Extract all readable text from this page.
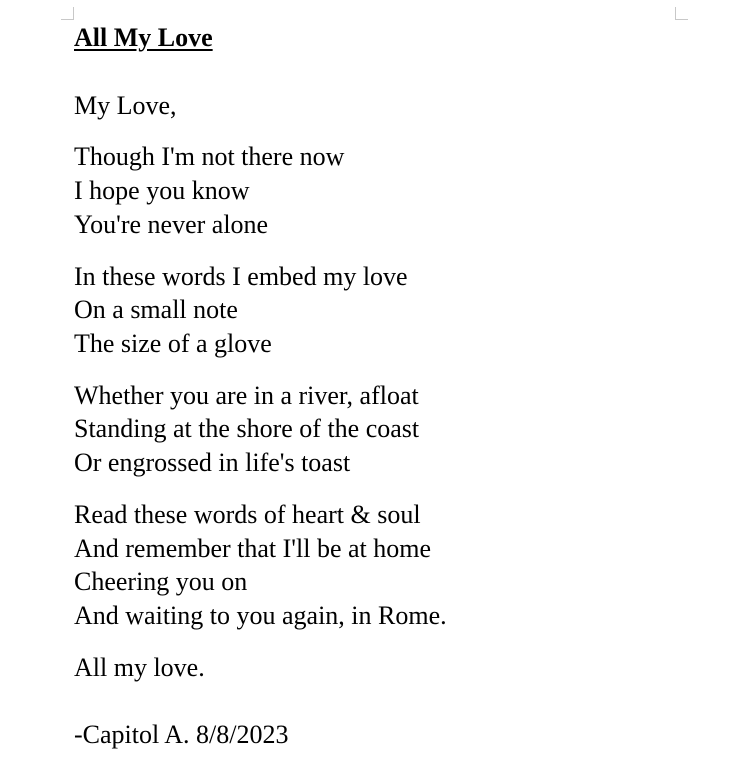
All My Love

My Love,

Though I'm not there now

I hope you know

You're never alone

In these words I embed my love

On a small note

The size of a glove

Whether you are in a river, afloat

Standing at the shore of the coast

Or engrossed in life's toast

Read these words of heart & soul

And remember that I'll be at home

Cheering you on

And waiting to you again, in Rome.

All my love.

-Capitol A. 8/8/2023
